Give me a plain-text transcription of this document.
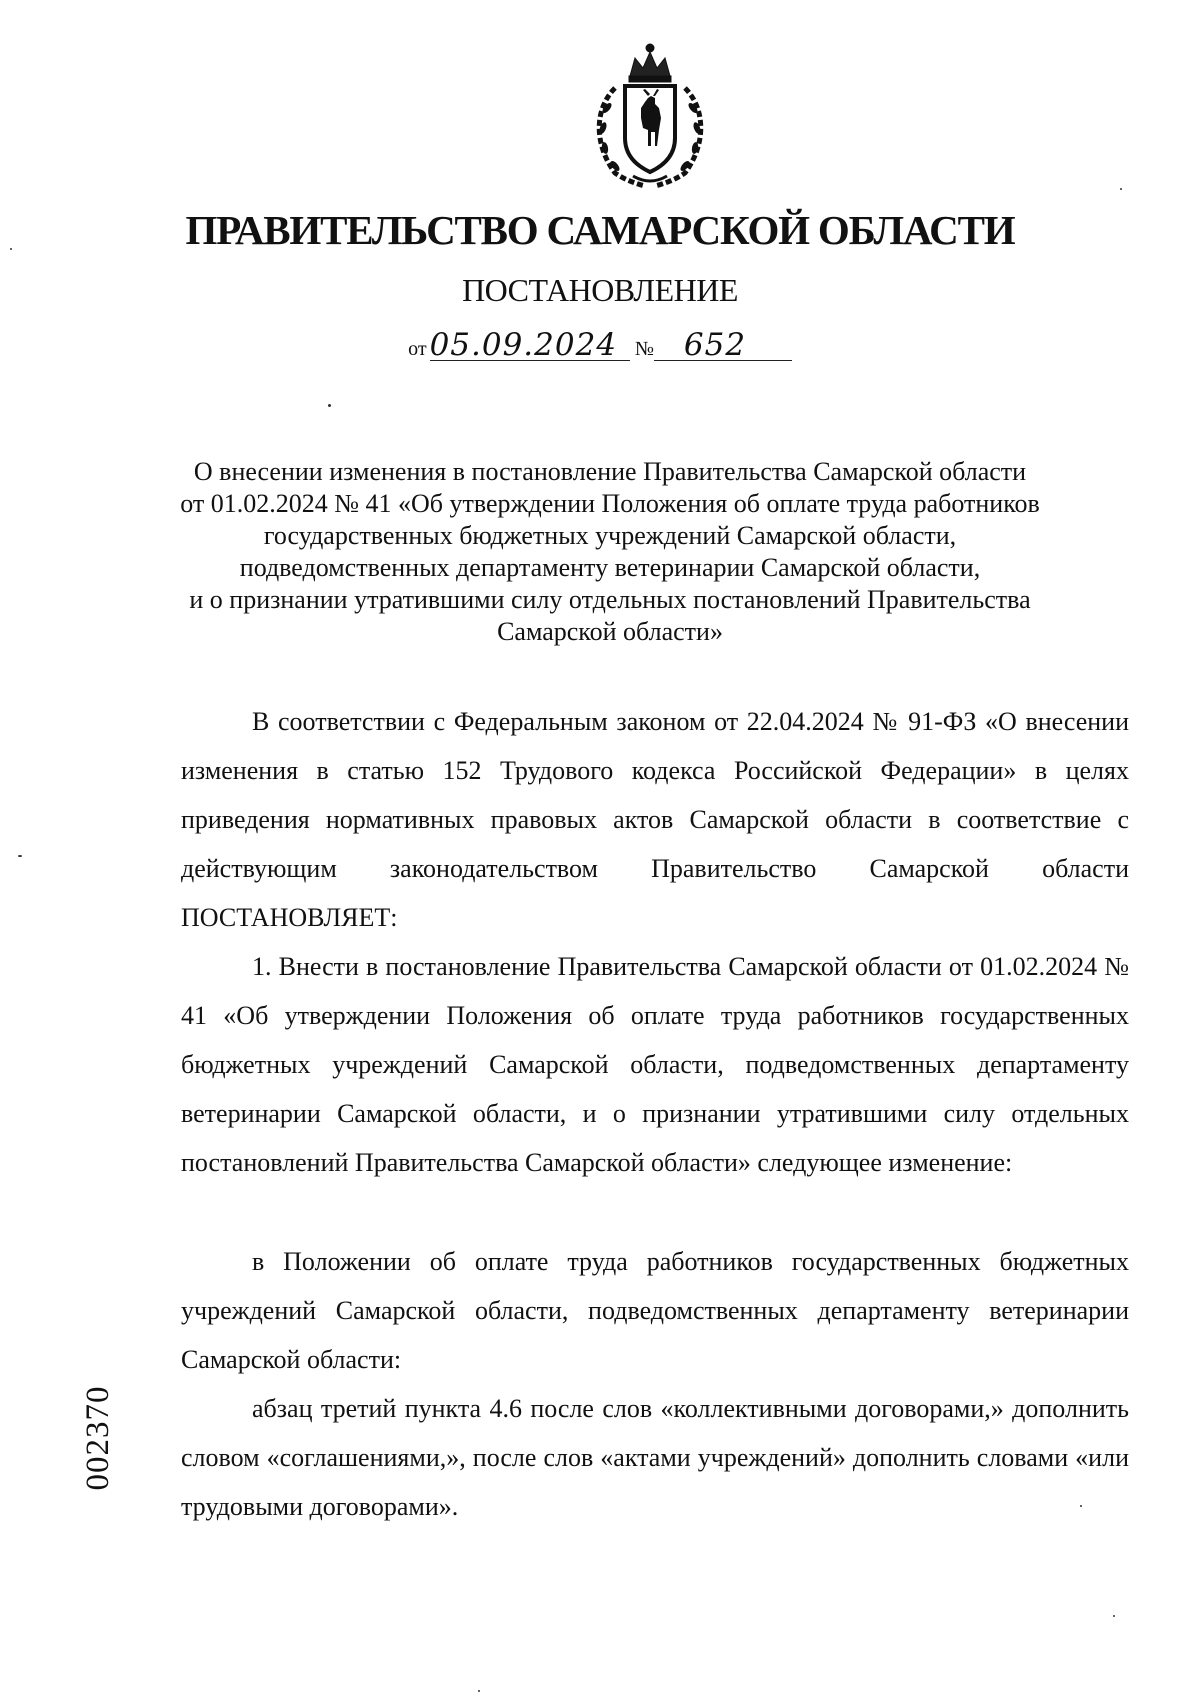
ПРАВИТЕЛЬСТВО САМАРСКОЙ ОБЛАСТИ
ПОСТАНОВЛЕНИЕ
от05.09.2024 № 652
О внесении изменения в постановление Правительства Самарской области
от 01.02.2024 № 41 «Об утверждении Положения об оплате труда работников
государственных бюджетных учреждений Самарской области,
подведомственных департаменту ветеринарии Самарской области,
и о признании утратившими силу отдельных постановлений Правительства
Самарской области»

В соответствии с Федеральным законом от 22.04.2024 № 91-ФЗ «О внесении изменения в статью 152 Трудового кодекса Российской Федерации» в целях приведения нормативных правовых актов Самарской области в соответствие с действующим законодательством Правительство Самарской области ПОСТАНОВЛЯЕТ:

1. Внести в постановление Правительства Самарской области от 01.02.2024 № 41 «Об утверждении Положения об оплате труда работников государственных бюджетных учреждений Самарской области, подведомственных департаменту ветеринарии Самарской области, и о признании утратившими силу отдельных постановлений Правительства Самарской области» следующее изменение:

в Положении об оплате труда работников государственных бюджетных учреждений Самарской области, подведомственных департаменту ветеринарии Самарской области:

абзац третий пункта 4.6 после слов «коллективными договорами,» дополнить словом «соглашениями,», после слов «актами учреждений» дополнить словами «или трудовыми договорами».

002370
